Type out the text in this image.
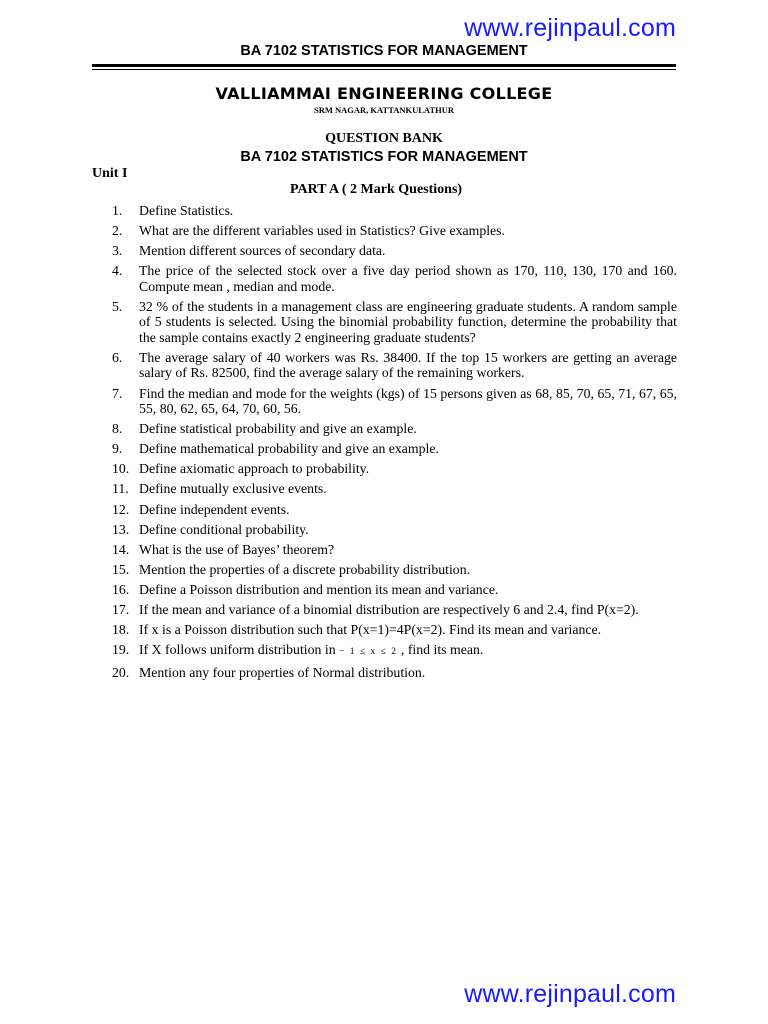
www.rejinpaul.com
BA 7102 STATISTICS FOR MANAGEMENT
VALLIAMMAI ENGINEERING COLLEGE
SRM NAGAR, KATTANKULATHUR
QUESTION BANK
BA 7102 STATISTICS FOR MANAGEMENT
Unit I
PART A ( 2 Mark Questions)
1. Define Statistics.
2. What are the different variables used in Statistics? Give examples.
3. Mention different sources of secondary data.
4. The price of the selected stock over a five day period shown as 170, 110, 130, 170 and 160. Compute mean , median and mode.
5. 32 % of the students in a management class are engineering graduate students. A random sample of 5 students is selected. Using the binomial probability function, determine the probability that the sample contains exactly 2 engineering graduate students?
6. The average salary of 40 workers was Rs. 38400. If the top 15 workers are getting an average salary of Rs. 82500, find the average salary of the remaining workers.
7. Find the median and mode for the weights (kgs) of 15 persons given as 68, 85, 70, 65, 71, 67, 65, 55, 80, 62, 65, 64, 70, 60, 56.
8. Define statistical probability and give an example.
9. Define mathematical probability and give an example.
10. Define axiomatic approach to probability.
11. Define mutually exclusive events.
12. Define independent events.
13. Define conditional probability.
14. What is the use of Bayes’ theorem?
15. Mention the properties of a discrete probability distribution.
16. Define a Poisson distribution and mention its mean and variance.
17. If the mean and variance of a binomial distribution are respectively 6 and 2.4, find P(x=2).
18. If x is a Poisson distribution such that P(x=1)=4P(x=2). Find its mean and variance.
19. If X follows uniform distribution in − 1 ≤ x ≤ 2 , find its mean.
20. Mention any four properties of Normal distribution.
www.rejinpaul.com
